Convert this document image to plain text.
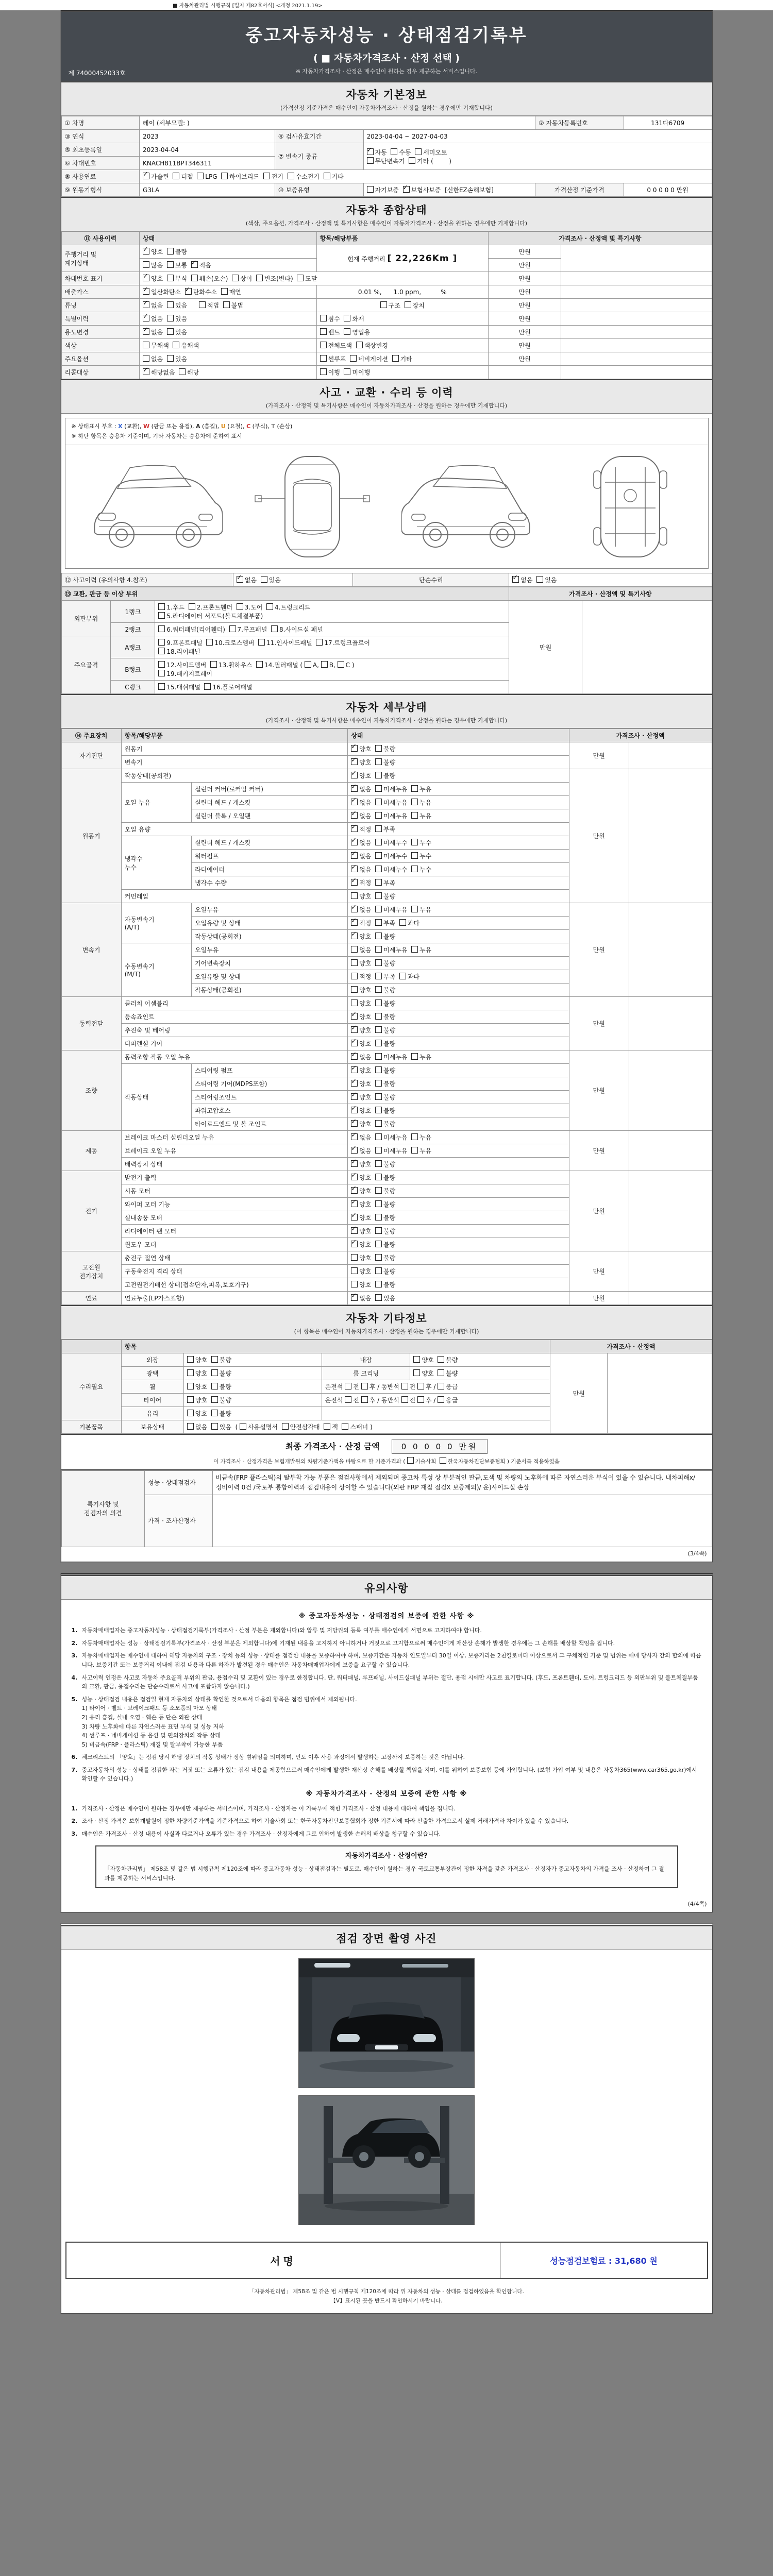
■ 자동차관리법 시행규칙 [별지 제82호서식] <개정 2021.1.19>
중고자동차성능 · 상태점검기록부
( ■ 자동차가격조사 · 산정 선택 )
※ 자동차가격조사 · 산정은 매수인이 원하는 경우 제공하는 서비스입니다.
제 74000452033호
자동차 기본정보
(가격산정 기준가격은 매수인이 자동차가격조사 · 산정을 원하는 경우에만 기재합니다)
① 차명	레이 (세부모델: )			② 자동차등록번호	131다6709
③ 연식	2023	④ 검사유효기간	2023-04-04 ~ 2027-04-03		
⑤ 최초등록일	2023-04-04	⑦ 변속기 종류	✓자동  수동  세미오토
무단변속기  기타 (        )
⑥ 차대번호	KNACH811BPT346311				
⑧ 사용연료	✓가솔린  디젤  LPG  하이브리드  전기  수소전기  기타
⑨ 원동기형식	G3LA	⑩ 보증유형	자기보증  ✓보험사보증  [신한EZ손해보험]	가격산정 기준가격	0 0 0 0 0 만원
자동차 종합상태
(색상, 주요옵션, 가격조사 · 산정액 및 특기사항은 매수인이 자동차가격조사 · 산정을 원하는 경우에만 기재합니다)
⑪ 사용이력	상태	항목/해당부품	가격조사 · 산정액 및 특기사항	
주행거리 및
계기상태	✓양호  불량	현재 주행거리 [ 22,226Km ]	만원	
	많음  보통  ✓적음		만원	
차대번호 표기	✓양호  부식  훼손(오손)  상이  변조(변타)  도말		만원	
배출가스	✓일산화탄소  ✓탄화수소  매연	0.01 %,      1.0 ppm,          %	만원	
튜닝	✓없음  있음      적법  불법	구조  장치	만원	
특별이력	✓없음  있음	침수  화재	만원	
용도변경	✓없음  있음	렌트  영업용	만원	
색상	무채색  유채색	전체도색  색상변경	만원	
주요옵션	없음  있음	썬루프  네비게이션  기타	만원	
리콜대상	✓해당없음  해당	이행  미이행		
사고 · 교환 · 수리 등 이력
(가격조사 · 산정액 및 특기사항은 매수인이 자동차가격조사 · 산정을 원하는 경우에만 기재합니다)
※ 상태표시 부호 : X (교환), W (판금 또는 용접), A (흠집), U (요철), C (부식), T (손상)
※ 하단 항목은 승용차 기준이며, 기타 자동차는 승용차에 준하여 표시
⑫ 사고이력 (유의사항 4.참조)	✓없음  있음	단순수리	✓없음  있음
⑬ 교환, 판금 등 이상 부위			가격조사 · 산정액 및 특기사항	
외판부위	1랭크	1.후드  2.프론트휀더  3.도어  4.트렁크리드
5.라디에이터 서포트(볼트체결부품)	만원	
	2랭크	6.쿼터패널(리어휀더)  7.루프패널  8.사이드실 패널		
주요골격	A랭크	9.프론트패널  10.크로스멤버  11.인사이드패널  17.트렁크플로어
18.리어패널		
	B랭크	12.사이드멤버  13.휠하우스  14.필러패널 ( A, B, C )
19.패키지트레이		
	C랭크	15.대쉬패널  16.플로어패널		
자동차 세부상태
(가격조사 · 산정액 및 특기사항은 매수인이 자동차가격조사 · 산정을 원하는 경우에만 기재합니다)
⑭ 주요장치	항목/해당부품		상태	가격조사 · 산정액	
자기진단	원동기	✓양호  불량	만원	
	변속기	✓양호  불량
원동기	작동상태(공회전)	✓양호  불량	만원	
	오일 누유	실린더 커버(로커암 커버)	✓없음  미세누유  누유
		실린더 헤드 / 개스킷	✓없음  미세누유  누유
		실린더 블록 / 오일팬	✓없음  미세누유  누유
	오일 유량	✓적정  부족
	냉각수
누수	실린더 헤드 / 개스킷	✓없음  미세누수  누수
		워터펌프	✓없음  미세누수  누수
		라디에이터	✓없음  미세누수  누수
		냉각수 수량	✓적정  부족
	커먼레일		양호  불량		
변속기	자동변속기
(A/T)	오일누유	✓없음  미세누유  누유	만원	
		오일유량 및 상태	✓적정  부족  과다
		작동상태(공회전)	✓양호  불량
	수동변속기
(M/T)	오일누유	없음  미세누유  누유		
		기어변속장치	양호  불량		
		오일유량 및 상태	적정  부족  과다		
		작동상태(공회전)	양호  불량		
동력전달	클러치 어셈블리		양호  불량	만원	
	등속죠인트	✓양호  불량
	추진축 및 베어링	✓양호  불량
	디퍼렌셜 기어	✓양호  불량
조향	동력조향 작동 오일 누유	✓없음  미세누유  누유	만원	
	작동상태	스티어링 펌프	✓양호  불량
		스티어링 기어(MDPS포함)	✓양호  불량
		스티어링조인트	✓양호  불량
		파워고압호스	✓양호  불량
		타이로드엔드 및 볼 조인트	✓양호  불량
제동	브레이크 마스터 실린더오일 누유	✓없음  미세누유  누유	만원	
	브레이크 오일 누유	✓없음  미세누유  누유
	배력장치 상태	✓양호  불량
전기	발전기 출력	✓양호  불량	만원	
	시동 모터	✓양호  불량
	와이퍼 모터 기능	✓양호  불량
	실내송풍 모터	✓양호  불량
	라디에이터 팬 모터	✓양호  불량
	윈도우 모터	✓양호  불량
고전원
전기장치	충전구 절연 상태		양호  불량	만원	
	구동축전지 격리 상태		양호  불량		
	고전원전기배선 상태(접속단자,피복,보호기구)		양호  불량		
연료	연료누출(LP가스포함)	✓없음  있음	만원	
자동차 기타정보
(이 항목은 매수인이 자동차가격조사 · 산정을 원하는 경우에만 기재합니다)
	항목				가격조사 · 산정액	
수리필요	외장	양호  불량	내장	양호  불량	만원	
	광택	양호  불량	룸 크리닝	양호  불량		
	휠	양호  불량	운전석 전 후 / 동반석 전 후 / 응급			
	타이어	양호  불량	운전석 전 후 / 동반석 전 후 / 응급			
	유리	양호  불량				
기본품목	보유상태	없음  있음  ( 사용설명서  안전삼각대  잭  스패너 )				
최종 가격조사 · 산정 금액	0 0 0 0 0 만원
이 가격조사 · 산정가격은 보험개발원의 차량기준가액을 바탕으로 한 기준가격과 ( 기술사회  한국자동차진단보증협회 ) 기준서를 적용하였음
특기사항 및
점검자의 의견	성능 · 상태점검자	비금속(FRP 플라스틱)의 탈부착 가능 부품은 점검사항에서 제외되며 중고차 특성 상 부분적인 판금,도색 및 차량의 노후화에 따른 자연스러운 부식이 있을 수 있습니다. 내차피해x/정비이력 0건 /국토부 통합이력과 점검내용이 상이할 수 있습니다(외판 FRP 재질 점검X 보증제외)/ 운)사이드실 손상
	가격 · 조사산정자	
(3/4쪽)
유의사항
※ 중고자동차성능 · 상태점검의 보증에 관한 사항 ※
1. 자동차매매업자는 중고자동차성능 · 상태점검기록부(가격조사 · 산정 부분은 제외합니다)와 압류 및 저당권의 등록 여부를 매수인에게 서면으로 고지하여야 합니다.
2. 자동차매매업자는 성능 · 상태점검기록부(가격조사 · 산정 부분은 제외합니다)에 기재된 내용을 고지하지 아니하거나 거짓으로 고지함으로써 매수인에게 재산상 손해가 발생한 경우에는 그 손해를 배상할 책임을 집니다.
3. 자동차매매업자는 매수인에 대하여 해당 자동차의 구조 · 장치 등의 성능 · 상태를 점검한 내용을 보증하여야 하며, 보증기간은 자동차 인도일부터 30일 이상, 보증거리는 2천킬로미터 이상으로서 그 구체적인 기준 및 범위는 매매 당사자 간의 합의에 따릅니다. 보증기간 또는 보증거리 이내에 점검 내용과 다른 하자가 발견된 경우 매수인은 자동차매매업자에게 보증을 요구할 수 있습니다.
4. 사고이력 인정은 사고로 자동차 주요골격 부위의 판금, 용접수리 및 교환이 있는 경우로 한정합니다. 단, 쿼터패널, 루프패널, 사이드실패널 부위는 절단, 용접 시에만 사고로 표기합니다. (후드, 프론트휀더, 도어, 트렁크리드 등 외판부위 및 볼트체결부품의 교환, 판금, 용접수리는 단순수리로서 사고에 포함하지 않습니다.)
5. 성능 · 상태점검 내용은 점검일 현재 자동차의 상태를 확인한 것으로서 다음의 항목은 점검 범위에서 제외됩니다.
1) 타이어 · 벨트 · 브레이크패드 등 소모품의 마모 상태
2) 유리 흠집, 실내 오염 · 훼손 등 단순 외관 상태
3) 차량 노후화에 따른 자연스러운 표면 부식 및 성능 저하
4) 썬루프 · 네비게이션 등 옵션 및 편의장치의 작동 상태
5) 비금속(FRP · 플라스틱) 재질 및 탈부착이 가능한 부품
6. 체크리스트의 「양호」는 점검 당시 해당 장치의 작동 상태가 정상 범위임을 의미하며, 인도 이후 사용 과정에서 발생하는 고장까지 보증하는 것은 아닙니다.
7. 중고자동차의 성능 · 상태를 점검한 자는 거짓 또는 오류가 있는 점검 내용을 제공함으로써 매수인에게 발생한 재산상 손해를 배상할 책임을 지며, 이를 위하여 보증보험 등에 가입합니다. (보험 가입 여부 및 내용은 자동차365(www.car365.go.kr)에서 확인할 수 있습니다.)
※ 자동차가격조사 · 산정의 보증에 관한 사항 ※
1. 가격조사 · 산정은 매수인이 원하는 경우에만 제공하는 서비스이며, 가격조사 · 산정자는 이 기록부에 적힌 가격조사 · 산정 내용에 대하여 책임을 집니다.
2. 조사 · 산정 가격은 보험개발원이 정한 차량기준가액을 기준가격으로 하여 기술사회 또는 한국자동차진단보증협회가 정한 기준서에 따라 산출한 가격으로서 실제 거래가격과 차이가 있을 수 있습니다.
3. 매수인은 가격조사 · 산정 내용이 사실과 다르거나 오류가 있는 경우 가격조사 · 산정자에게 그로 인하여 발생한 손해의 배상을 청구할 수 있습니다.
자동차가격조사 · 산정이란?
「자동차관리법」 제58조 및 같은 법 시행규칙 제120조에 따라 중고자동차 성능 · 상태점검과는 별도로, 매수인이 원하는 경우 국토교통부장관이 정한 자격을 갖춘 가격조사 · 산정자가 중고자동차의 가격을 조사 · 산정하여 그 결과를 제공하는 서비스입니다.
(4/4쪽)
점검 장면 촬영 사진
서명	성능점검보험료 : 31,680 원
「자동차관리법」 제58조 및 같은 법 시행규칙 제120조에 따라 위 자동차의 성능 · 상태를 점검하였음을 확인합니다.
【V】표시된 곳을 반드시 확인하시기 바랍니다.
